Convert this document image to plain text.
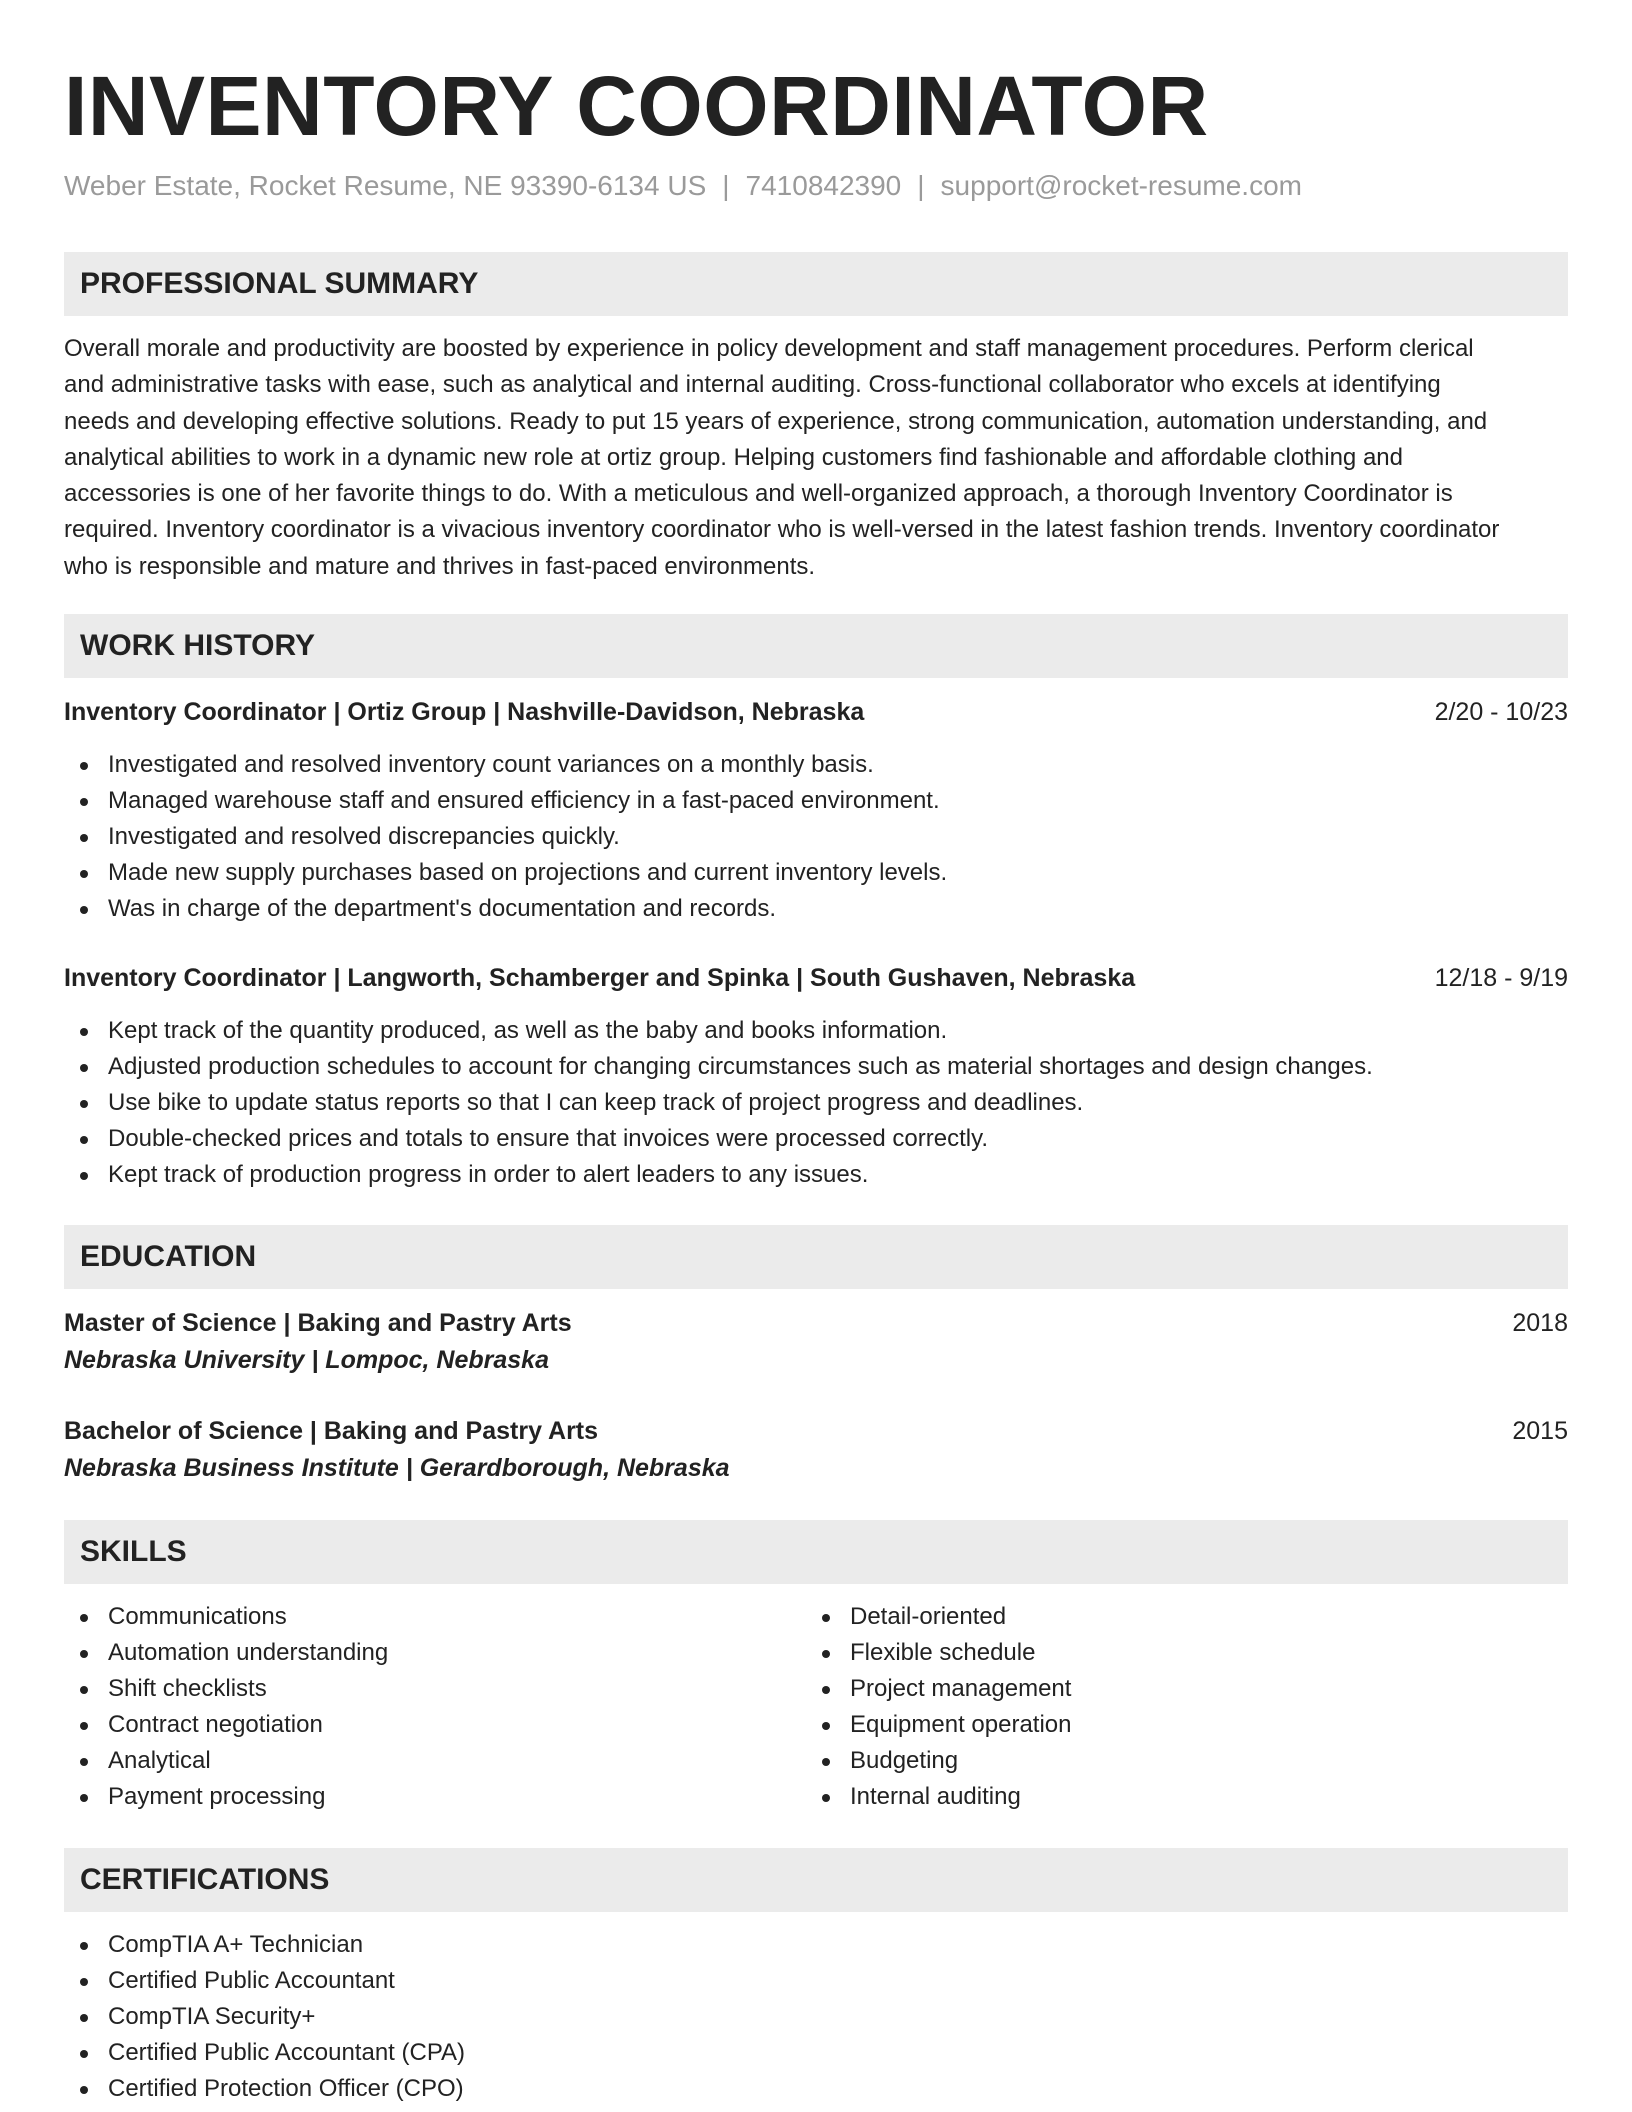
INVENTORY COORDINATOR
Weber Estate, Rocket Resume, NE 93390-6134 US | 7410842390 | support@rocket-resume.com
PROFESSIONAL SUMMARY
Overall morale and productivity are boosted by experience in policy development and staff management procedures. Perform clerical
and administrative tasks with ease, such as analytical and internal auditing. Cross-functional collaborator who excels at identifying
needs and developing effective solutions. Ready to put 15 years of experience, strong communication, automation understanding, and
analytical abilities to work in a dynamic new role at ortiz group. Helping customers find fashionable and affordable clothing and
accessories is one of her favorite things to do. With a meticulous and well-organized approach, a thorough Inventory Coordinator is
required. Inventory coordinator is a vivacious inventory coordinator who is well-versed in the latest fashion trends. Inventory coordinator
who is responsible and mature and thrives in fast-paced environments.
WORK HISTORY
Inventory Coordinator | Ortiz Group | Nashville-Davidson, Nebraska	2/20 - 10/23
Investigated and resolved inventory count variances on a monthly basis.
Managed warehouse staff and ensured efficiency in a fast-paced environment.
Investigated and resolved discrepancies quickly.
Made new supply purchases based on projections and current inventory levels.
Was in charge of the department's documentation and records.
Inventory Coordinator | Langworth, Schamberger and Spinka | South Gushaven, Nebraska	12/18 - 9/19
Kept track of the quantity produced, as well as the baby and books information.
Adjusted production schedules to account for changing circumstances such as material shortages and design changes.
Use bike to update status reports so that I can keep track of project progress and deadlines.
Double-checked prices and totals to ensure that invoices were processed correctly.
Kept track of production progress in order to alert leaders to any issues.
EDUCATION
Master of Science | Baking and Pastry Arts	2018
Nebraska University | Lompoc, Nebraska
Bachelor of Science | Baking and Pastry Arts	2015
Nebraska Business Institute | Gerardborough, Nebraska
SKILLS
Communications
Automation understanding
Shift checklists
Contract negotiation
Analytical
Payment processing
Detail-oriented
Flexible schedule
Project management
Equipment operation
Budgeting
Internal auditing
CERTIFICATIONS
CompTIA A+ Technician
Certified Public Accountant
CompTIA Security+
Certified Public Accountant (CPA)
Certified Protection Officer (CPO)
